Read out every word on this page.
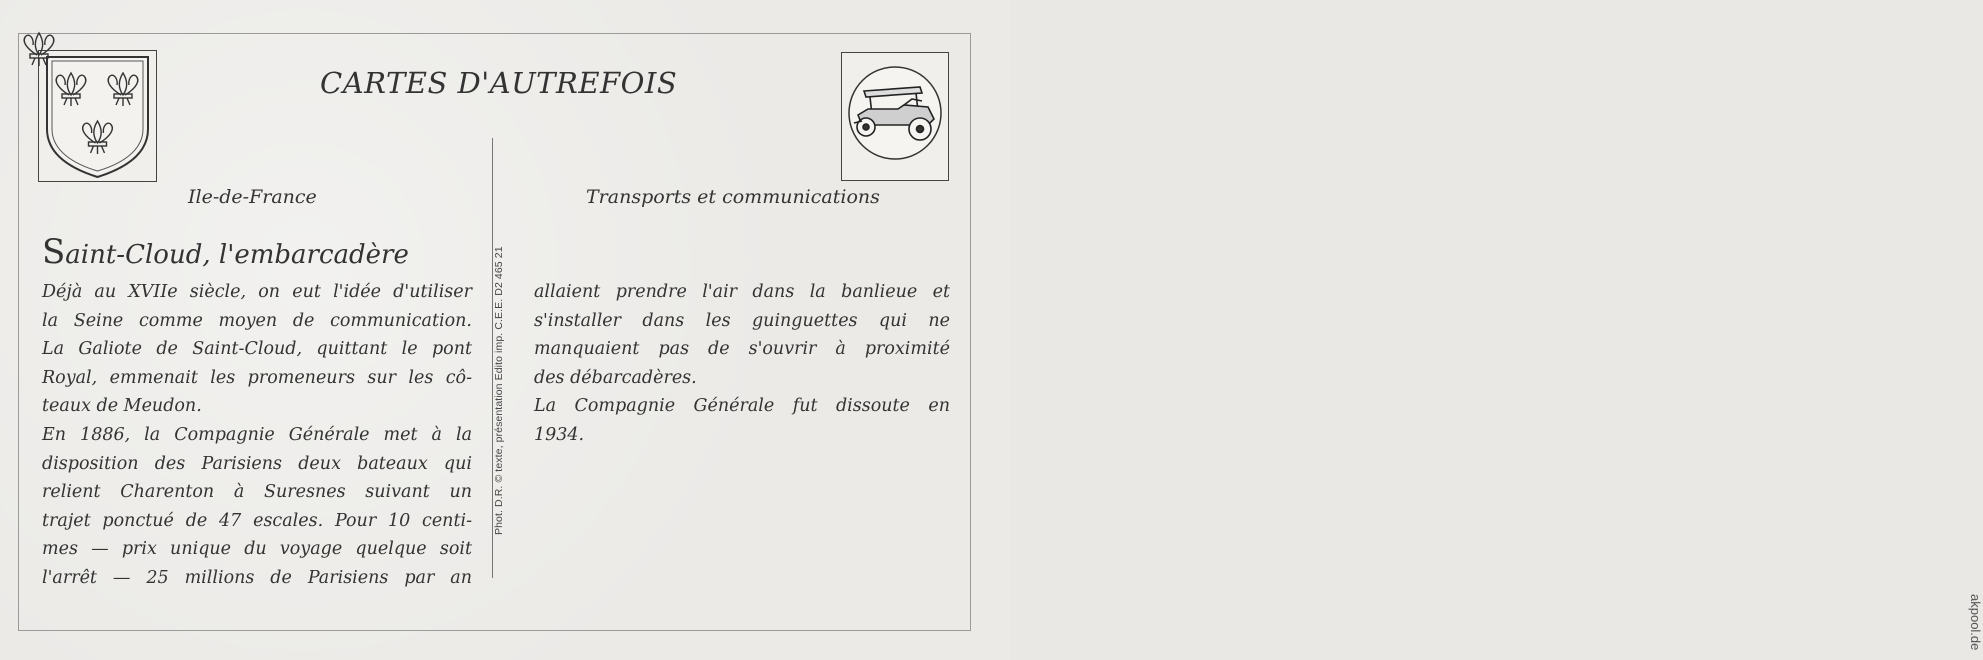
CARTES D'AUTREFOIS
Ile-de-France	Transports et communications
Saint-Cloud, l'embarcadère	Phot. D.R. © texte, présentation Edito imp. C.E.E. D2 465 21
Déjà au XVIIe siècle, on eut l'idée d'utiliser
la Seine comme moyen de communication.
La Galiote de Saint-Cloud, quittant le pont
Royal, emmenait les promeneurs sur les cô-
teaux de Meudon.
En 1886, la Compagnie Générale met à la
disposition des Parisiens deux bateaux qui
relient Charenton à Suresnes suivant un
trajet ponctué de 47 escales. Pour 10 centi-
mes — prix unique du voyage quelque soit
l'arrêt — 25 millions de Parisiens par an
allaient prendre l'air dans la banlieue et
s'installer dans les guinguettes qui ne
manquaient pas de s'ouvrir à proximité
des débarcadères.
La Compagnie Générale fut dissoute en
1934.
akpool.de
